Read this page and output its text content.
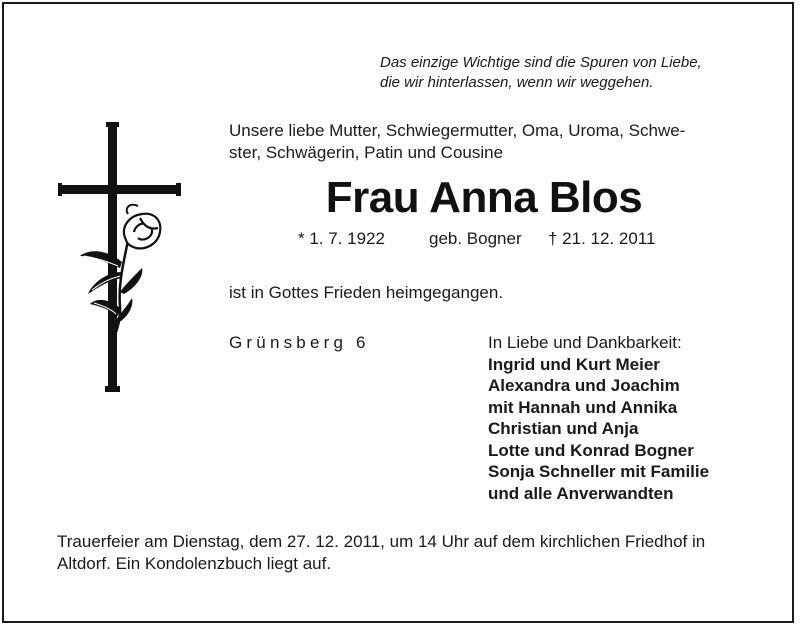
Das einzige Wichtige sind die Spuren von Liebe,
die wir hinterlassen, wenn wir weggehen.
Unsere liebe Mutter, Schwiegermutter, Oma, Uroma, Schwe-
ster, Schwägerin, Patin und Cousine
Frau Anna Blos
* 1. 7. 1922	geb. Bogner † 21. 12. 2011
ist in Gottes Frieden heimgegangen.
Grünsberg 6	In Liebe und Dankbarkeit:
Ingrid und Kurt Meier
Alexandra und Joachim
mit Hannah und Annika
Christian und Anja
Lotte und Konrad Bogner
Sonja Schneller mit Familie
und alle Anverwandten
Trauerfeier am Dienstag, dem 27. 12. 2011, um 14 Uhr auf dem kirchlichen Friedhof in
Altdorf. Ein Kondolenzbuch liegt auf.
